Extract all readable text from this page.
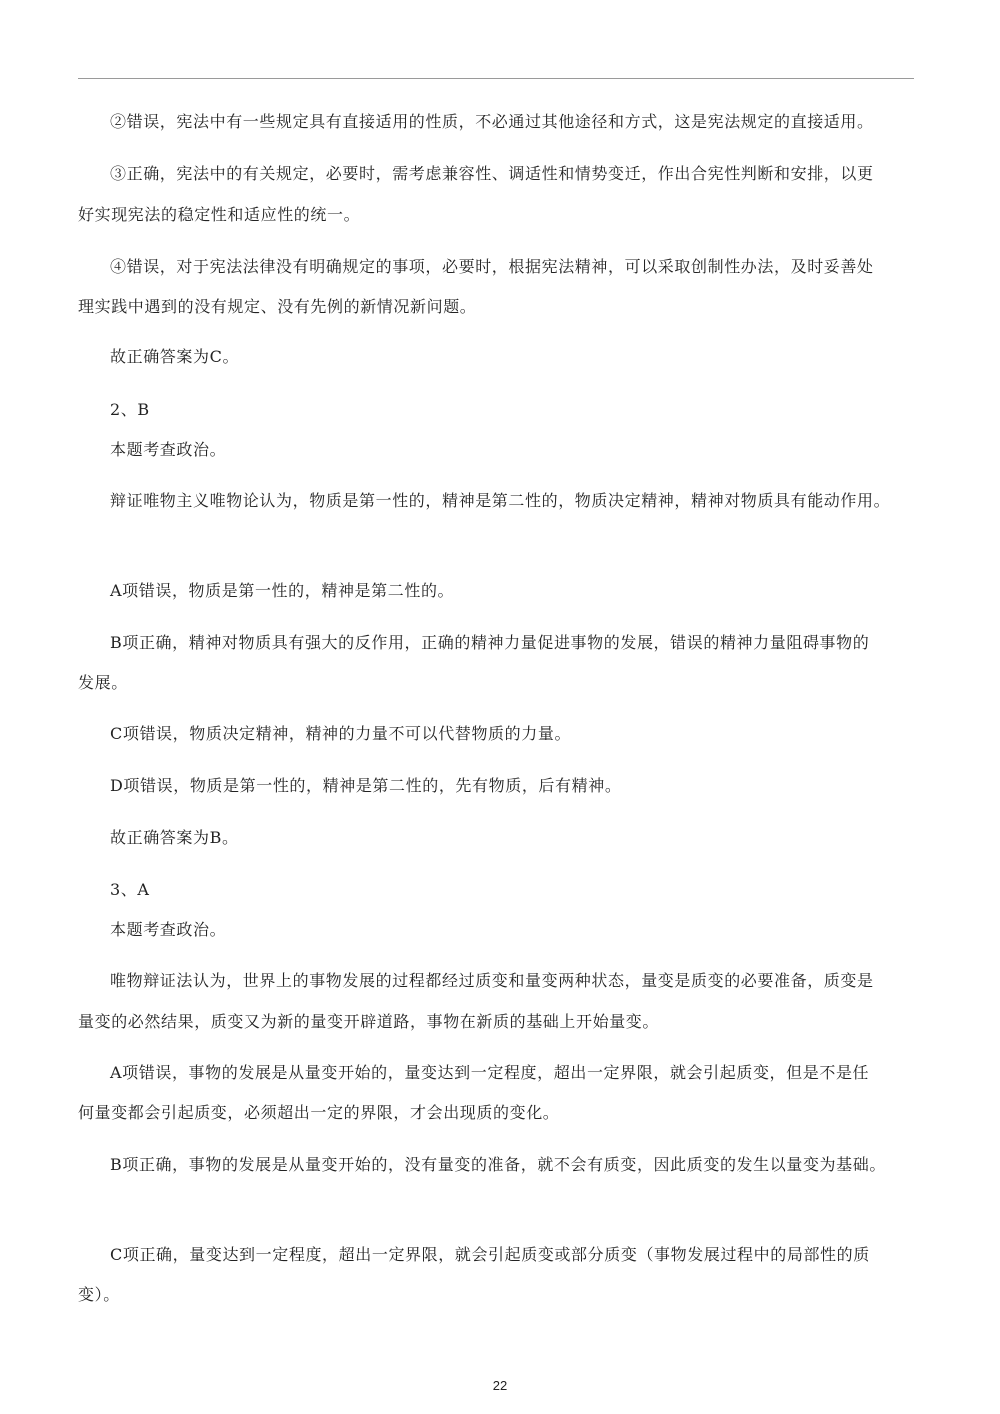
②错误，宪法中有一些规定具有直接适用的性质，不必通过其他途径和方式，这是宪法规定的直接适用。
③正确，宪法中的有关规定，必要时，需考虑兼容性、调适性和情势变迁，作出合宪性判断和安排，以更
好实现宪法的稳定性和适应性的统一。
④错误，对于宪法法律没有明确规定的事项，必要时，根据宪法精神，可以采取创制性办法，及时妥善处
理实践中遇到的没有规定、没有先例的新情况新问题。
故正确答案为C。
2、B
本题考查政治。
辩证唯物主义唯物论认为，物质是第一性的，精神是第二性的，物质决定精神，精神对物质具有能动作用。
A项错误，物质是第一性的，精神是第二性的。
B项正确，精神对物质具有强大的反作用，正确的精神力量促进事物的发展，错误的精神力量阻碍事物的
发展。
C项错误，物质决定精神，精神的力量不可以代替物质的力量。
D项错误，物质是第一性的，精神是第二性的，先有物质，后有精神。
故正确答案为B。
3、A
本题考查政治。
唯物辩证法认为，世界上的事物发展的过程都经过质变和量变两种状态，量变是质变的必要准备，质变是
量变的必然结果，质变又为新的量变开辟道路，事物在新质的基础上开始量变。
A项错误，事物的发展是从量变开始的，量变达到一定程度，超出一定界限，就会引起质变，但是不是任
何量变都会引起质变，必须超出一定的界限，才会出现质的变化。
B项正确，事物的发展是从量变开始的，没有量变的准备，就不会有质变，因此质变的发生以量变为基础。
C项正确，量变达到一定程度，超出一定界限，就会引起质变或部分质变（事物发展过程中的局部性的质
变）。
22
